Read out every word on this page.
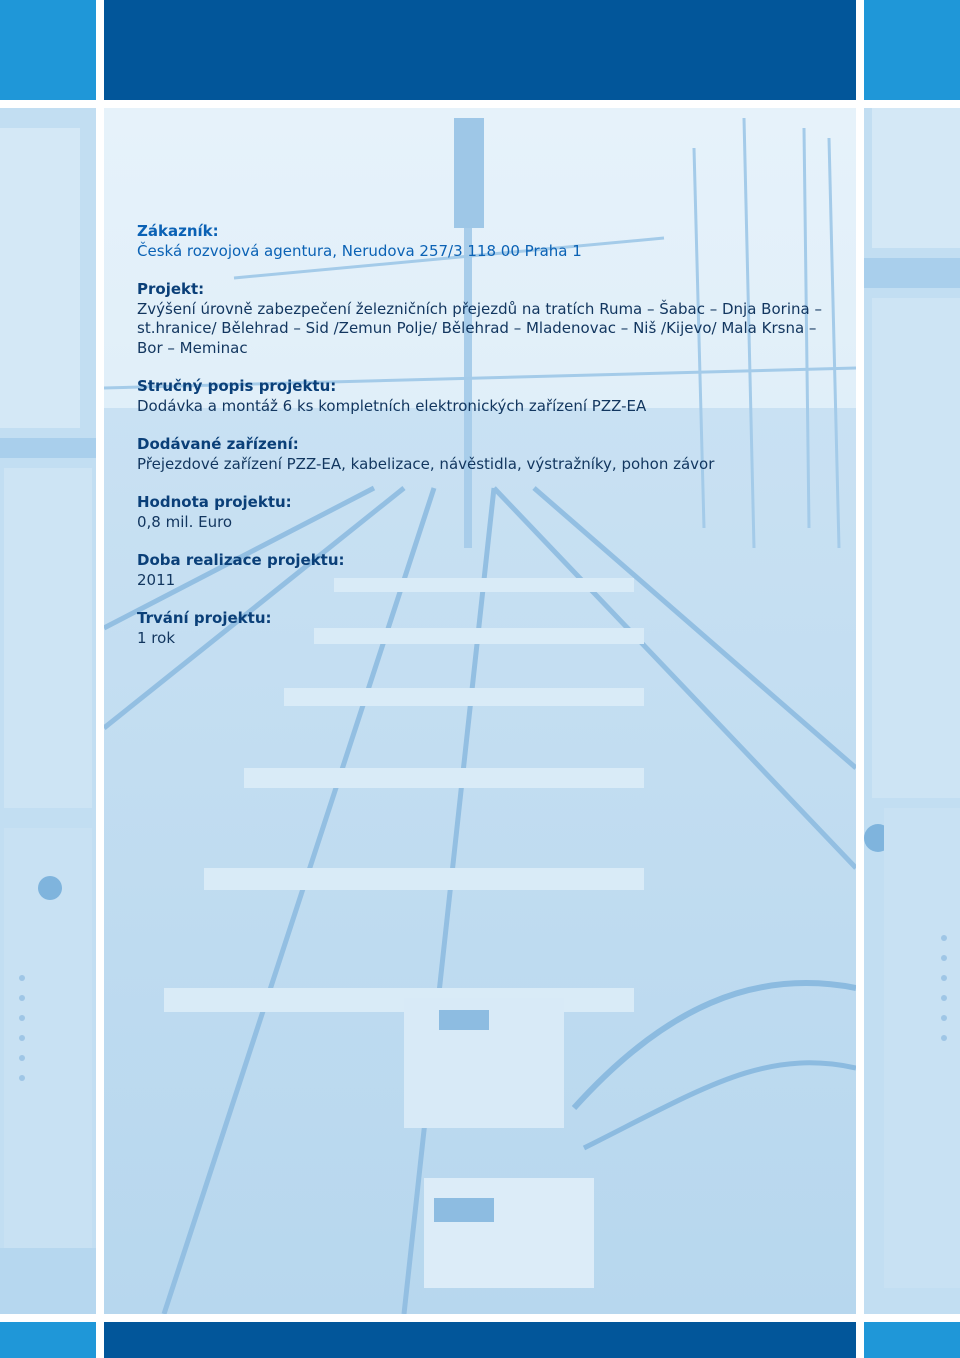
Zákazník:
Česká rozvojová agentura, Nerudova 257/3 118 00 Praha 1
Projekt:
Zvýšení úrovně zabezpečení železničních přejezdů na tratích Ruma – Šabac – Dnja Borina – st.hranice/ Bělehrad – Sid /Zemun Polje/ Bělehrad – Mladenovac – Niš /Kijevo/ Mala Krsna – Bor – Meminac
Stručný popis projektu:
Dodávka a montáž 6 ks kompletních elektronických zařízení PZZ-EA
Dodávané zařízení:
Přejezdové zařízení PZZ-EA, kabelizace, návěstidla, výstražníky, pohon závor
Hodnota projektu:
0,8 mil. Euro
Doba realizace projektu:
2011
Trvání projektu:
1 rok
